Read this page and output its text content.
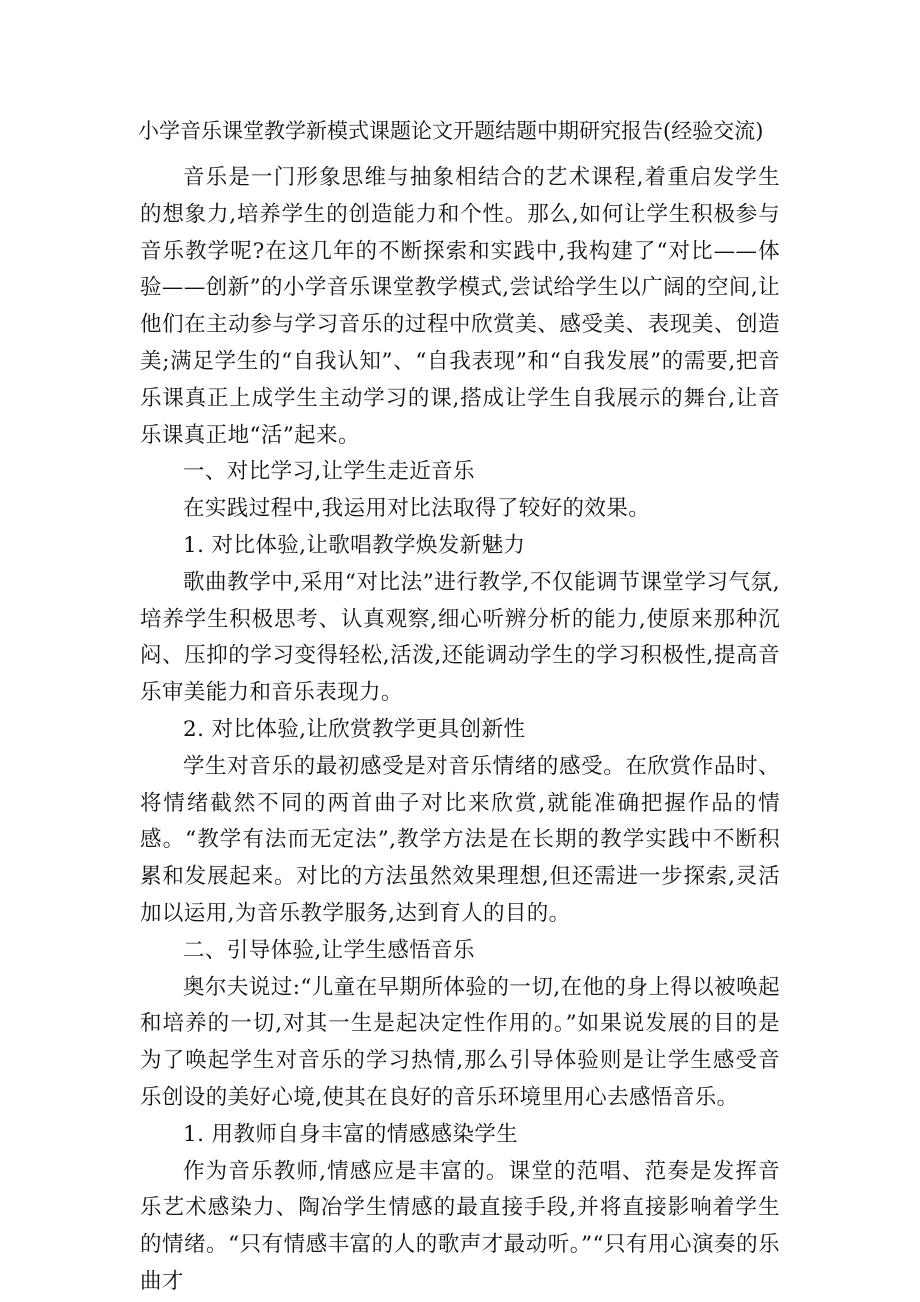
小学音乐课堂教学新模式课题论文开题结题中期研究报告(经验交流)

音乐是一门形象思维与抽象相结合的艺术课程,着重启发学生的想象力,培养学生的创造能力和个性。那么,如何让学生积极参与音乐教学呢?在这几年的不断探索和实践中,我构建了“对比——体验——创新”的小学音乐课堂教学模式,尝试给学生以广阔的空间,让他们在主动参与学习音乐的过程中欣赏美、感受美、表现美、创造美;满足学生的“自我认知”、“自我表现”和“自我发展”的需要,把音乐课真正上成学生主动学习的课,搭成让学生自我展示的舞台,让音乐课真正地“活”起来。

一、对比学习,让学生走近音乐

在实践过程中,我运用对比法取得了较好的效果。

1. 对比体验,让歌唱教学焕发新魅力

歌曲教学中,采用“对比法”进行教学,不仅能调节课堂学习气氛,培养学生积极思考、认真观察,细心听辨分析的能力,使原来那种沉闷、压抑的学习变得轻松,活泼,还能调动学生的学习积极性,提高音乐审美能力和音乐表现力。

2. 对比体验,让欣赏教学更具创新性

学生对音乐的最初感受是对音乐情绪的感受。在欣赏作品时、将情绪截然不同的两首曲子对比来欣赏,就能准确把握作品的情感。“教学有法而无定法”,教学方法是在长期的教学实践中不断积累和发展起来。对比的方法虽然效果理想,但还需进一步探索,灵活加以运用,为音乐教学服务,达到育人的目的。

二、引导体验,让学生感悟音乐

奥尔夫说过:“儿童在早期所体验的一切,在他的身上得以被唤起和培养的一切,对其一生是起决定性作用的。”如果说发展的目的是为了唤起学生对音乐的学习热情,那么引导体验则是让学生感受音乐创设的美好心境,使其在良好的音乐环境里用心去感悟音乐。

1. 用教师自身丰富的情感感染学生

作为音乐教师,情感应是丰富的。课堂的范唱、范奏是发挥音乐艺术感染力、陶冶学生情感的最直接手段,并将直接影响着学生的情绪。“只有情感丰富的人的歌声才最动听。”“只有用心演奏的乐曲才
